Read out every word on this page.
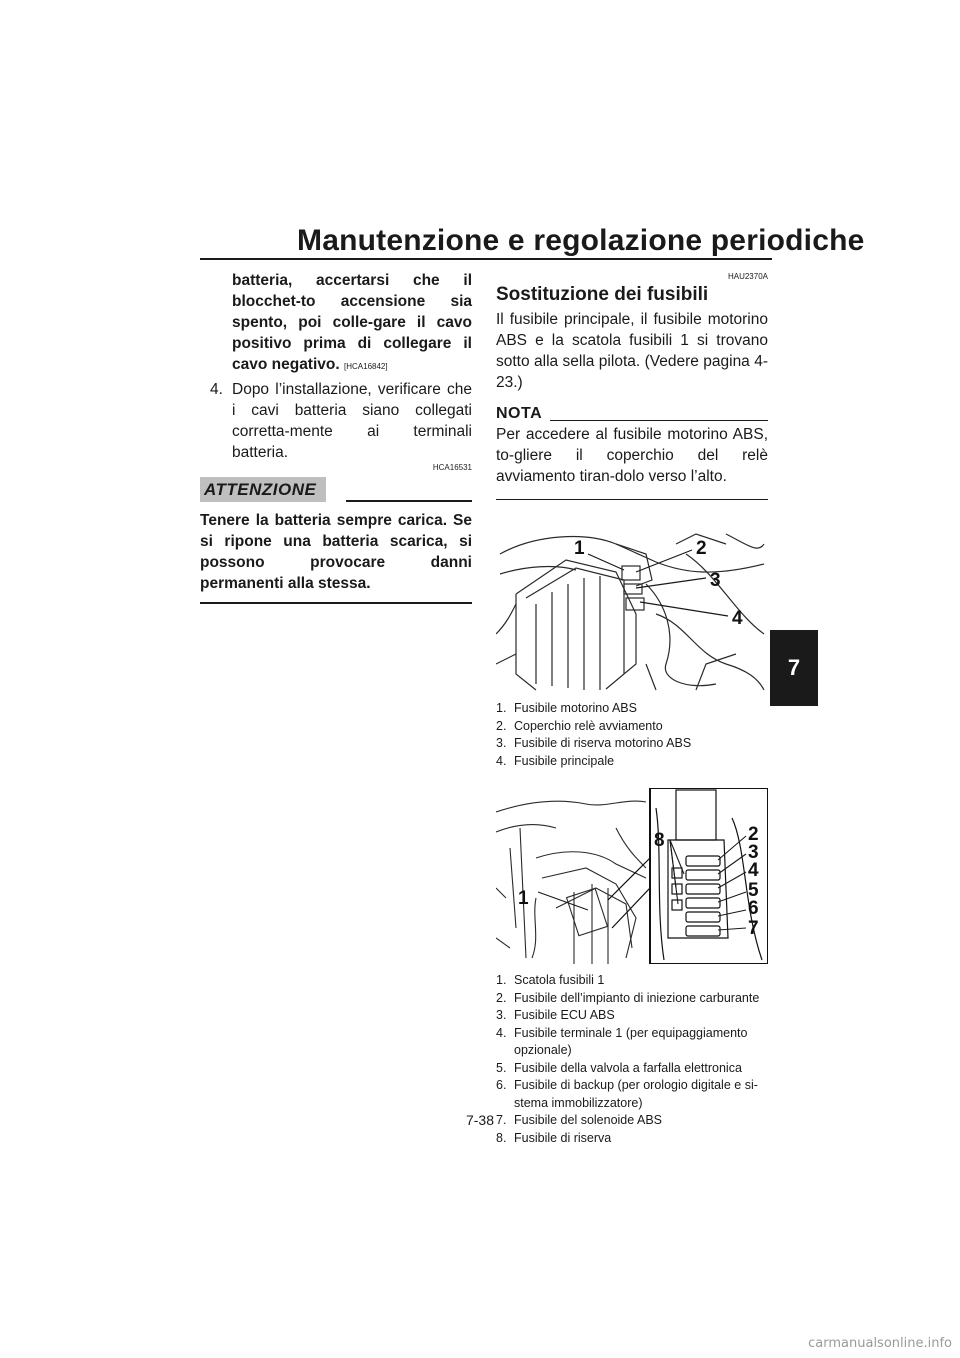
Manutenzione e regolazione periodiche
7
batteria, accertarsi che il blocchet-to accensione sia spento, poi colle-gare il cavo positivo prima di collegare il cavo negativo. [HCA16842]
4. Dopo l’installazione, verificare che i cavi batteria siano collegati corretta-mente ai terminali batteria.
HCA16531
ATTENZIONE
Tenere la batteria sempre carica. Se si ripone una batteria scarica, si possono provocare danni permanenti alla stessa.
HAU2370A
Sostituzione dei fusibili
Il fusibile principale, il fusibile motorino ABS e la scatola fusibili 1 si trovano sotto alla sella pilota. (Vedere pagina 4-23.)
NOTA
Per accedere al fusibile motorino ABS, to-gliere il coperchio del relè avviamento tiran-dolo verso l’alto.
1	2
3
4
1. Fusibile motorino ABS
2. Coperchio relè avviamento
3. Fusibile di riserva motorino ABS
4. Fusibile principale
1
8	2
3
4
5
6
7
1. Scatola fusibili 1
2. Fusibile dell’impianto di iniezione carburante
3. Fusibile ECU ABS
4. Fusibile terminale 1 (per equipaggiamento opzionale)
5. Fusibile della valvola a farfalla elettronica
6. Fusibile di backup (per orologio digitale e si-stema immobilizzatore)
7. Fusibile del solenoide ABS
8. Fusibile di riserva
7-38
carmanualsonline.info
